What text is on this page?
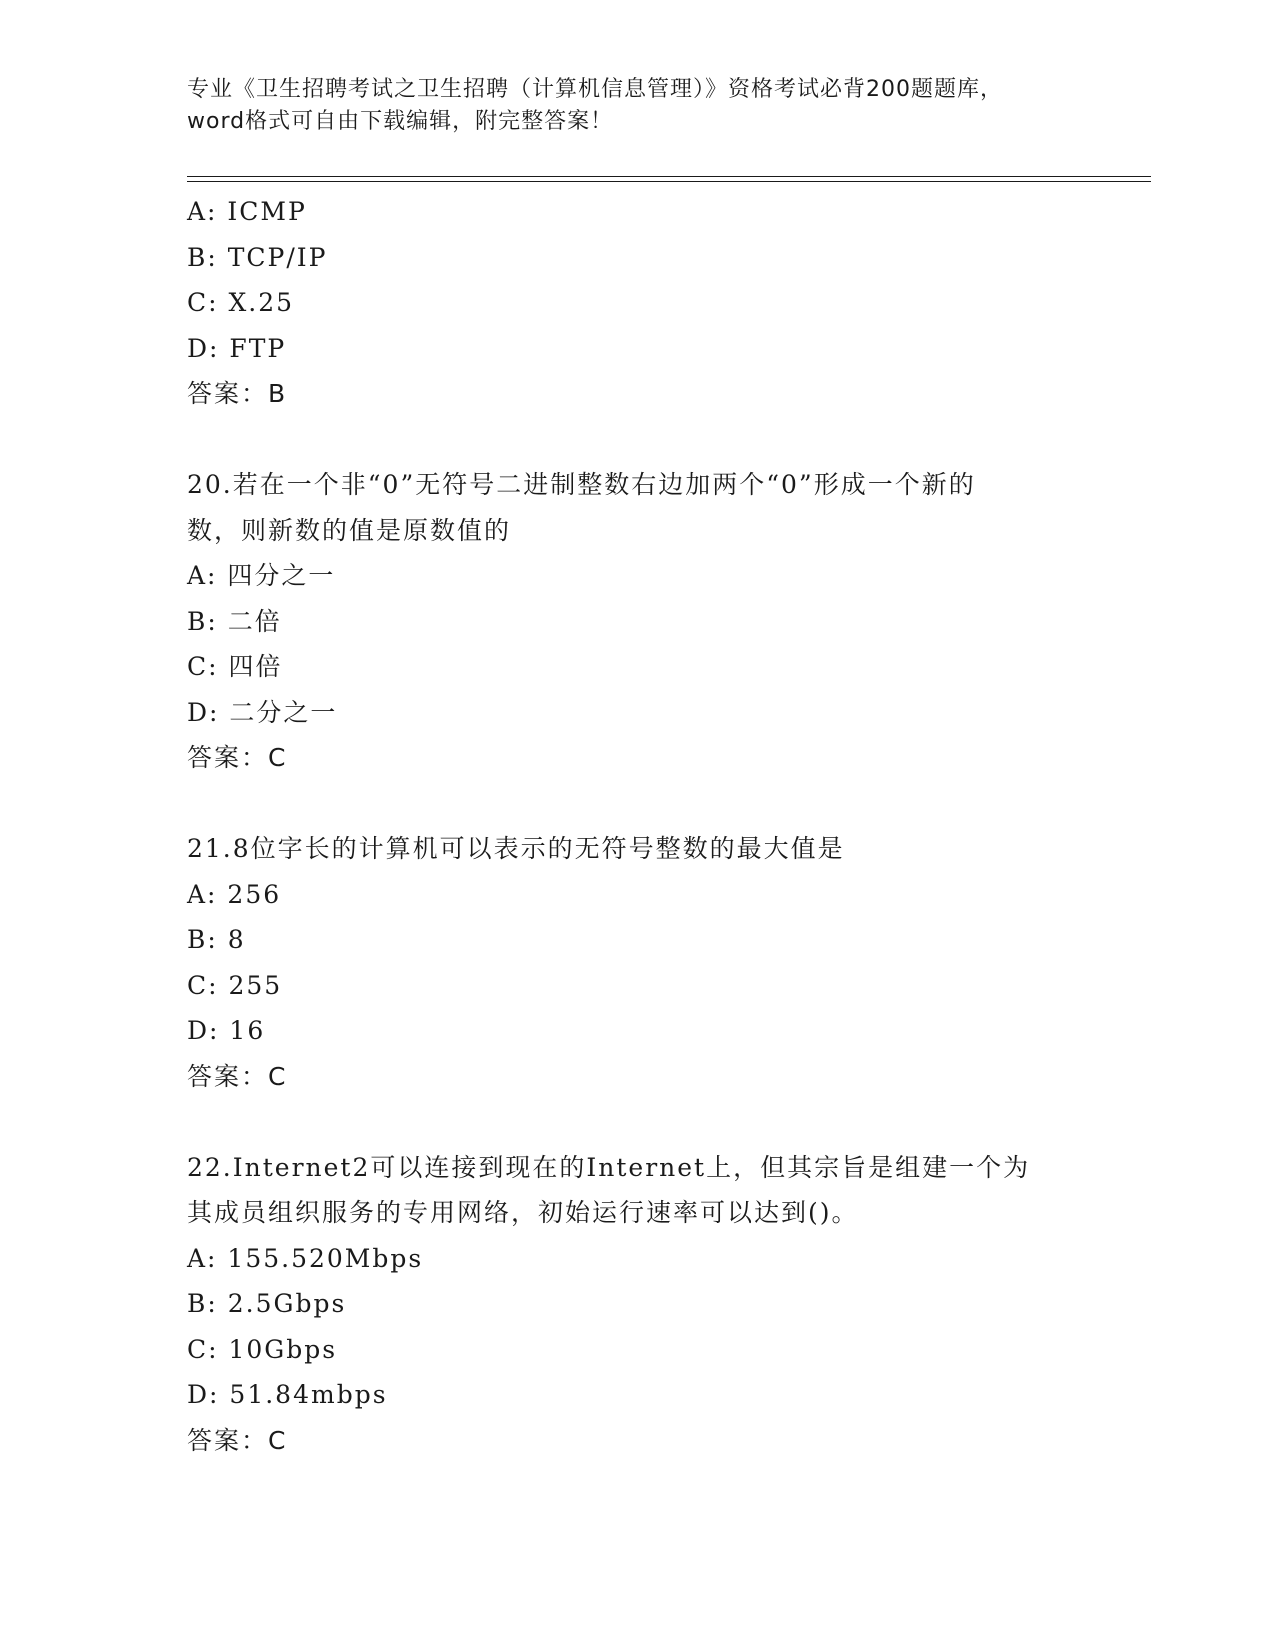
专业《卫生招聘考试之卫生招聘（计算机信息管理）》资格考试必背200题题库，
word格式可自由下载编辑，附完整答案！
A: ICMP
B: TCP/IP
C: X.25
D: FTP
答案：B
20.若在一个非“0”无符号二进制整数右边加两个“0”形成一个新的
数，则新数的值是原数值的
A: 四分之一
B: 二倍
C: 四倍
D: 二分之一
答案：C
21.8位字长的计算机可以表示的无符号整数的最大值是
A: 256
B: 8
C: 255
D: 16
答案：C
22.Internet2可以连接到现在的Internet上，但其宗旨是组建一个为
其成员组织服务的专用网络，初始运行速率可以达到()。
A: 155.520Mbps
B: 2.5Gbps
C: 10Gbps
D: 51.84mbps
答案：C
